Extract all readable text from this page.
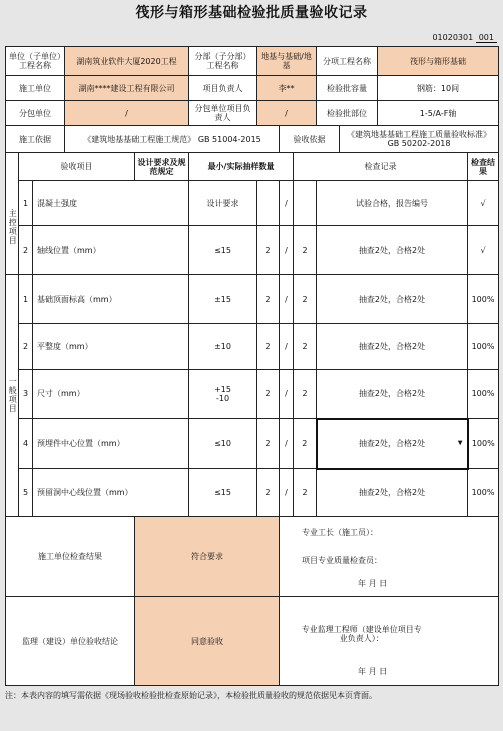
筏形与箱形基础检验批质量验收记录
01020301 001
单位（子单位）工程名称			湖南筑业软件大厦2020工程		分部（子分部）工程名称	地基与基础/地基			分项工程名称		筏形与箱形基础		
施工单位			湖南****建设工程有限公司		项目负责人	李**			检验批容量		钢筋：10间		
分包单位			/		分包单位项目负责人	/			检验批部位		1-5/A-F轴		
施工依据			《建筑地基基础工程施工规范》 GB 51004-2015				验收依据			《建筑地基基础工程施工质量验收标准》 GB 50202-2018			
	验收项目			设计要求及规范规定	最小/实际抽样数量			检查记录					检查结果
主控项目	1	混凝土强度			设计要求		/		试验合格，报告编号				√
	2	轴线位置（mm）			≤15	2	/	2	抽查2处，合格2处				√
一般项目	1	基础顶面标高（mm）			±15	2	/	2	抽查2处，合格2处				100%
	2	平整度（mm）			±10	2	/	2	抽查2处，合格2处				100%
	3	尺寸（mm）			+15
-10	2	/	2	抽查2处，合格2处				100%
	4	预埋件中心位置（mm）			≤10	2	/	2	抽查2处，合格2处 ▼				100%
	5	预留洞中心线位置（mm）			≤15	2	/	2	抽查2处，合格2处				100%
施工单位检查结果				符合要求			专业工长（施工员）：						
							项目专业质量检查员：						
							年 月 日						
监理（建设）单位验收结论				同意验收			专业监理工程师（建设单位项目专业负责人）：						
							年 月 日						
注：本表内容的填写需依据《现场验收检验批检查原始记录》，本检验批质量验收的规范依据见本页背面。
